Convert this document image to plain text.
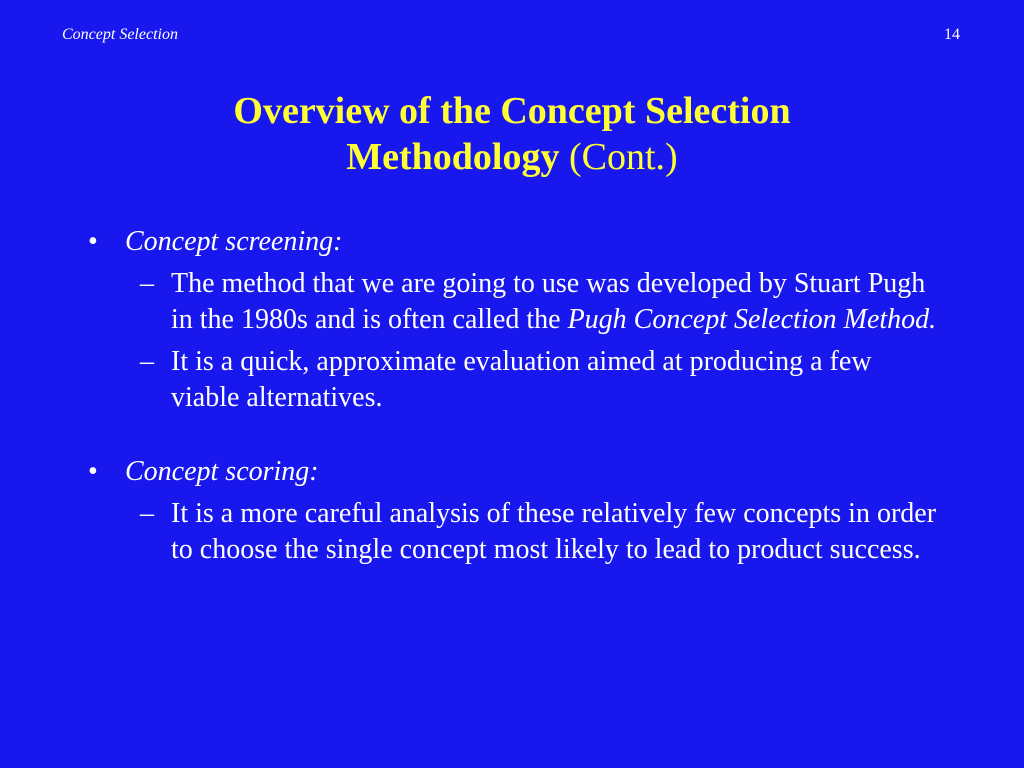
Concept Selection	14
Overview of the Concept Selection
Methodology (Cont.)
• Concept screening:
– The method that we are going to use was developed by Stuart Pugh in the 1980s and is often called the Pugh Concept Selection Method.
– It is a quick, approximate evaluation aimed at producing a few viable alternatives.
• Concept scoring:
– It is a more careful analysis of these relatively few concepts in order to choose the single concept most likely to lead to product success.
